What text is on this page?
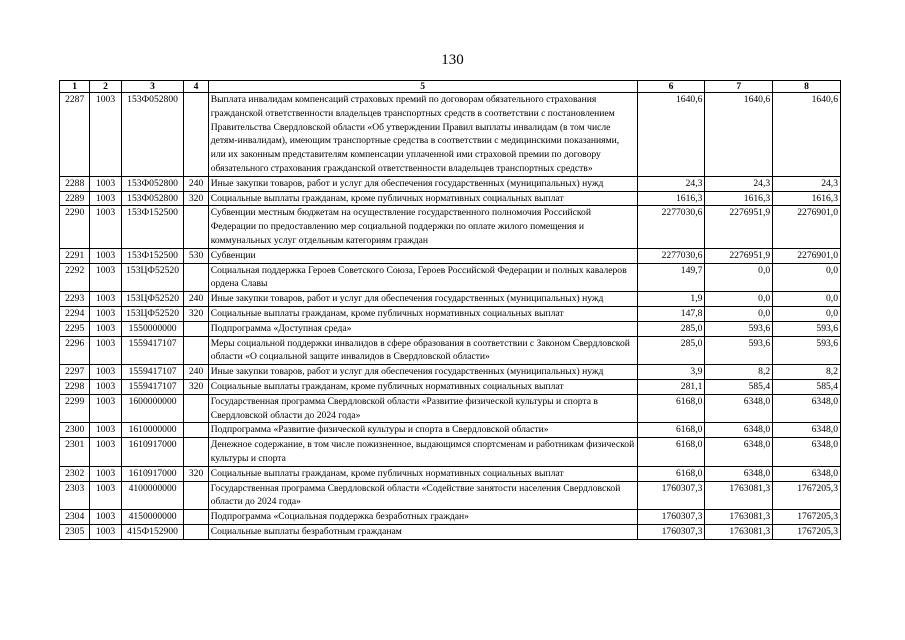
130
1	2	3	4	5	6	7	8
2287	1003	153Ф052800		Выплата инвалидам компенсаций страховых премий по договорам обязательного страхования гражданской ответственности владельцев транспортных средств в соответствии с постановлением Правительства Свердловской области «Об утверждении Правил выплаты инвалидам (в том числе детям-инвалидам), имеющим транспортные средства в соответствии с медицинскими показаниями, или их законным представителям компенсации уплаченной ими страховой премии по договору обязательного страхования гражданской ответственности владельцев транспортных средств»	1640,6	1640,6	1640,6
2288	1003	153Ф052800	240	Иные закупки товаров, работ и услуг для обеспечения государственных (муниципальных) нужд	24,3	24,3	24,3
2289	1003	153Ф052800	320	Социальные выплаты гражданам, кроме публичных нормативных социальных выплат	1616,3	1616,3	1616,3
2290	1003	153Ф152500		Субвенции местным бюджетам на осуществление государственного полномочия Российской Федерации по предоставлению мер социальной поддержки по оплате жилого помещения и коммунальных услуг отдельным категориям граждан	2277030,6	2276951,9	2276901,0
2291	1003	153Ф152500	530	Субвенции	2277030,6	2276951,9	2276901,0
2292	1003	153ЦФ52520		Социальная поддержка Героев Советского Союза, Героев Российской Федерации и полных кавалеров ордена Славы	149,7	0,0	0,0
2293	1003	153ЦФ52520	240	Иные закупки товаров, работ и услуг для обеспечения государственных (муниципальных) нужд	1,9	0,0	0,0
2294	1003	153ЦФ52520	320	Социальные выплаты гражданам, кроме публичных нормативных социальных выплат	147,8	0,0	0,0
2295	1003	1550000000		Подпрограмма «Доступная среда»	285,0	593,6	593,6
2296	1003	1559417107		Меры социальной поддержки инвалидов в сфере образования в соответствии с Законом Свердловской области «О социальной защите инвалидов в Свердловской области»	285,0	593,6	593,6
2297	1003	1559417107	240	Иные закупки товаров, работ и услуг для обеспечения государственных (муниципальных) нужд	3,9	8,2	8,2
2298	1003	1559417107	320	Социальные выплаты гражданам, кроме публичных нормативных социальных выплат	281,1	585,4	585,4
2299	1003	1600000000		Государственная программа Свердловской области «Развитие физической культуры и спорта в Свердловской области до 2024 года»	6168,0	6348,0	6348,0
2300	1003	1610000000		Подпрограмма «Развитие физической культуры и спорта в Свердловской области»	6168,0	6348,0	6348,0
2301	1003	1610917000		Денежное содержание, в том числе пожизненное, выдающимся спортсменам и работникам физической культуры и спорта	6168,0	6348,0	6348,0
2302	1003	1610917000	320	Социальные выплаты гражданам, кроме публичных нормативных социальных выплат	6168,0	6348,0	6348,0
2303	1003	4100000000		Государственная программа Свердловской области «Содействие занятости населения Свердловской области до 2024 года»	1760307,3	1763081,3	1767205,3
2304	1003	4150000000		Подпрограмма «Социальная поддержка безработных граждан»	1760307,3	1763081,3	1767205,3
2305	1003	415Ф152900		Социальные выплаты безработным гражданам	1760307,3	1763081,3	1767205,3
